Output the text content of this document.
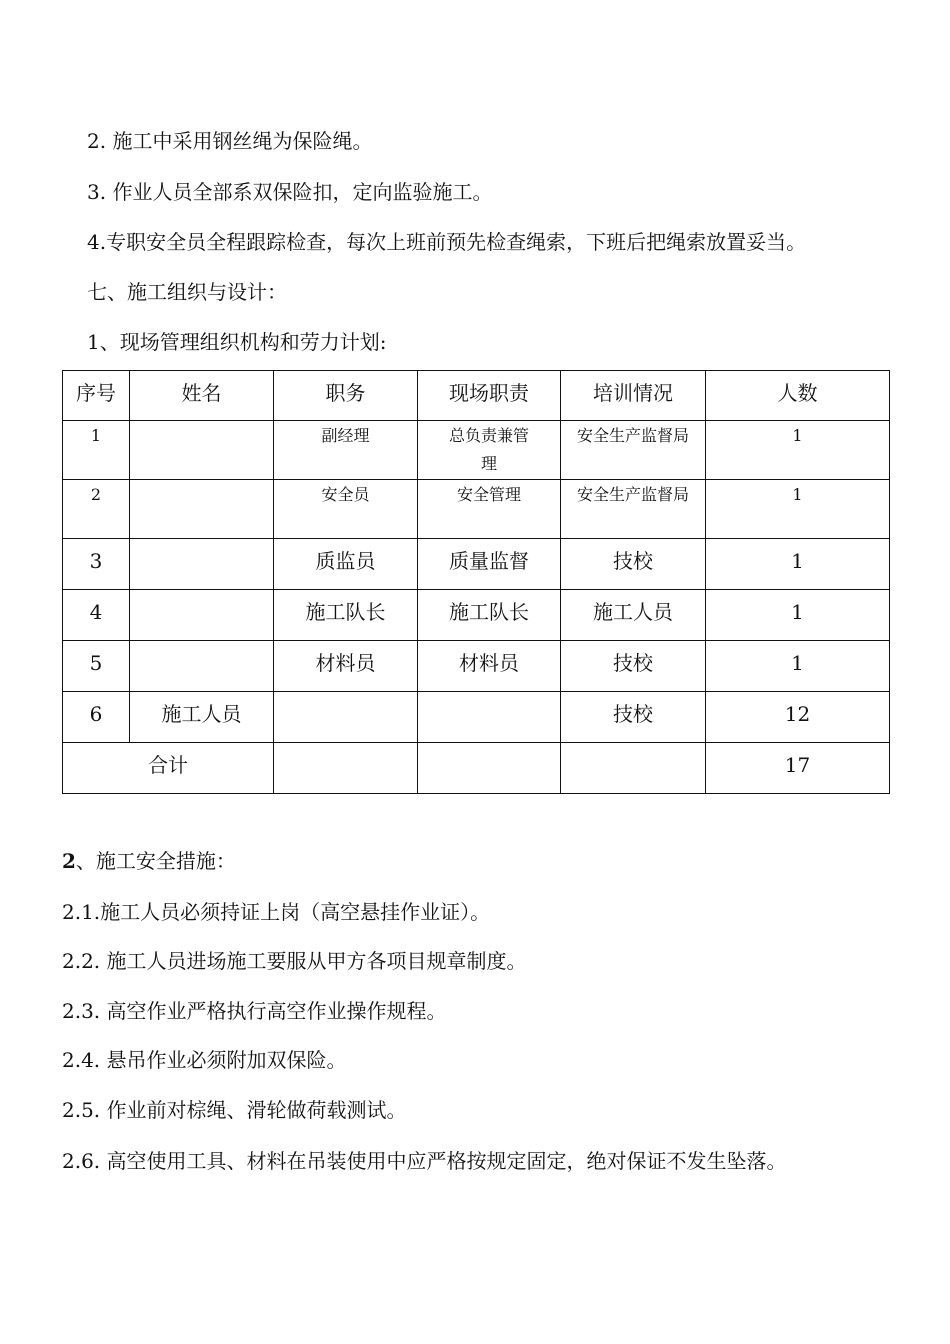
2. 施工中采用钢丝绳为保险绳。
3. 作业人员全部系双保险扣，定向监验施工。
4.专职安全员全程跟踪检查，每次上班前预先检查绳索，下班后把绳索放置妥当。
七、施工组织与设计：
1、现场管理组织机构和劳力计划:
序号	姓名	职务	现场职责	培训情况	人数
1		副经理	总负责兼管理	安全生产监督局	1
2		安全员	安全管理	安全生产监督局	1
3		质监员	质量监督	技校	1
4		施工队长	施工队长	施工人员	1
5		材料员	材料员	技校	1
6	施工人员			技校	12
合计					17
2、施工安全措施：
2.1.施工人员必须持证上岗（高空悬挂作业证）。
2.2. 施工人员进场施工要服从甲方各项目规章制度。
2.3. 高空作业严格执行高空作业操作规程。
2.4. 悬吊作业必须附加双保险。
2.5. 作业前对棕绳、滑轮做荷载测试。
2.6. 高空使用工具、材料在吊装使用中应严格按规定固定，绝对保证不发生坠落。
